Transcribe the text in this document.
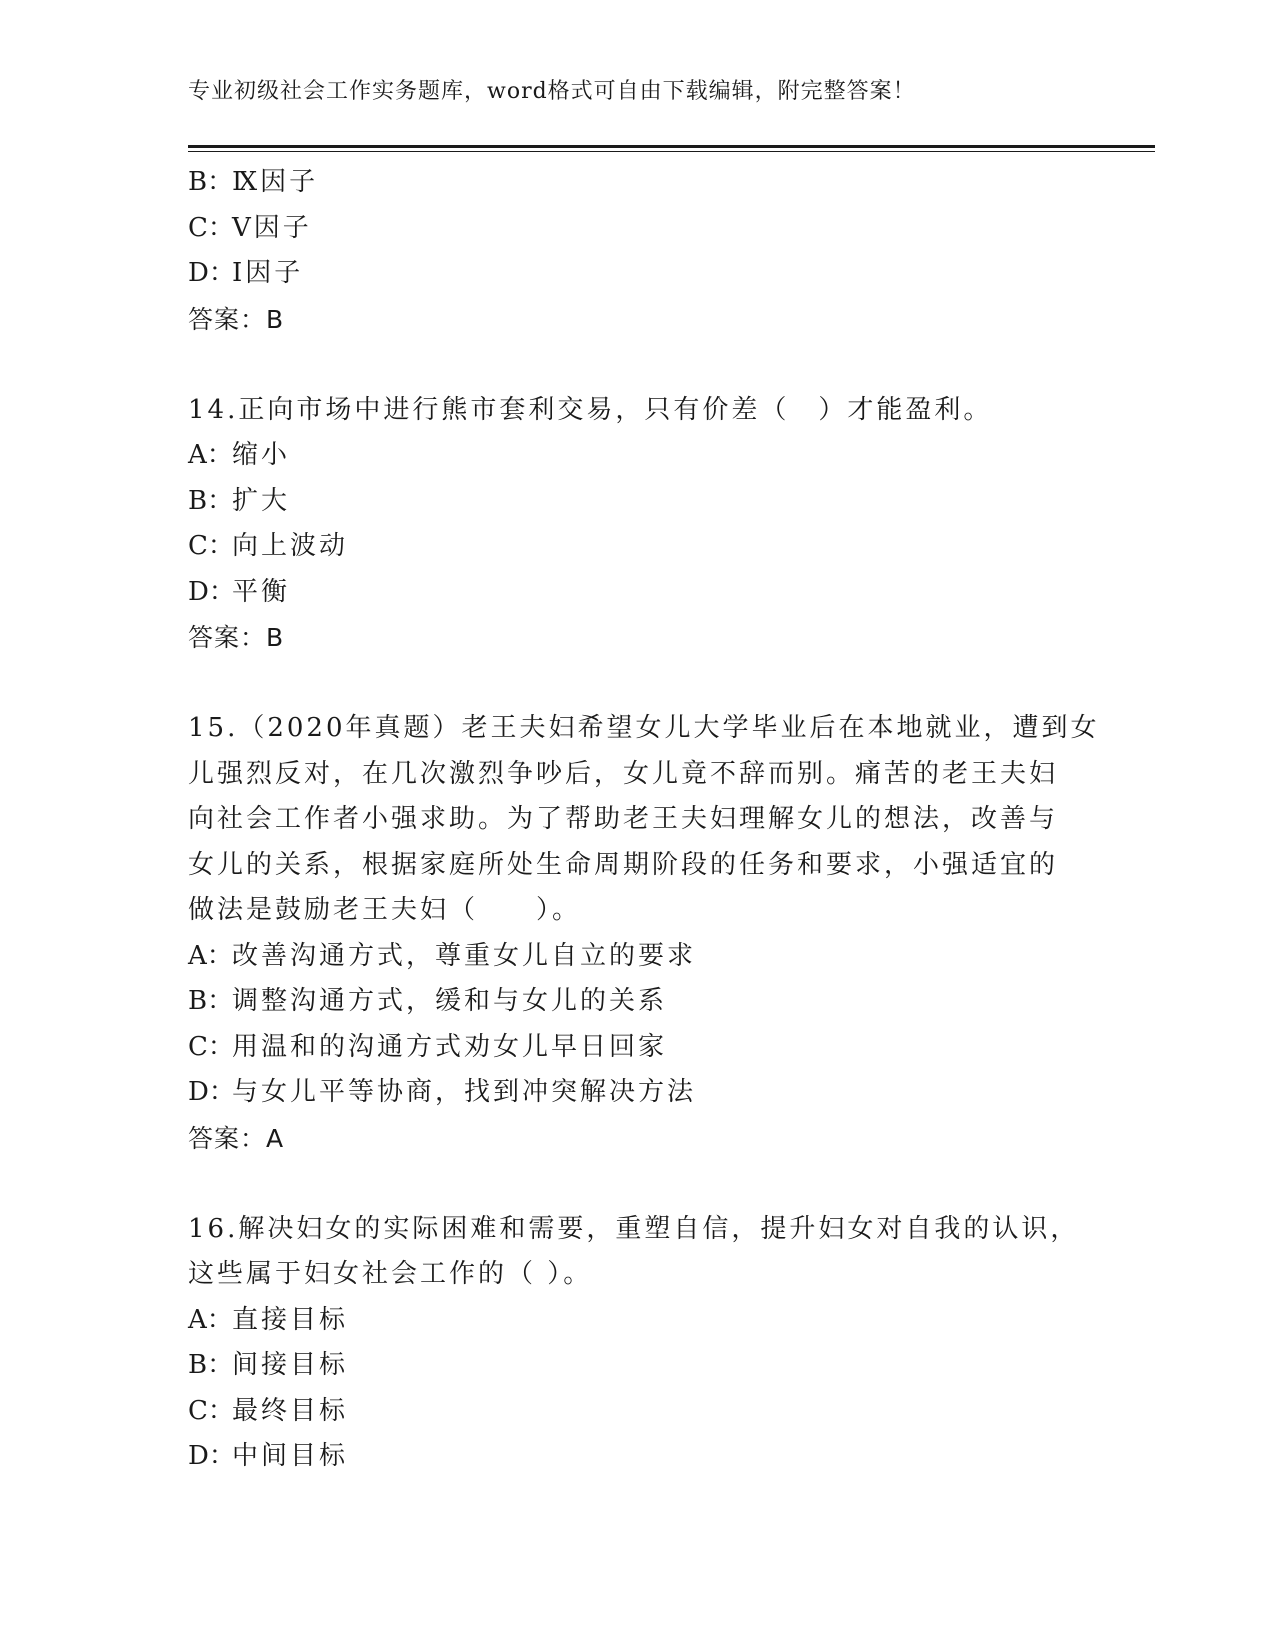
专业初级社会工作实务题库，word格式可自由下载编辑，附完整答案！
B：Ⅸ因子
C：Ⅴ因子
D：Ⅰ因子
答案：B
14.正向市场中进行熊市套利交易，只有价差（　）才能盈利。
A：缩小
B：扩大
C：向上波动
D：平衡
答案：B
15.（2020年真题）老王夫妇希望女儿大学毕业后在本地就业，遭到女
儿强烈反对，在几次激烈争吵后，女儿竟不辞而别。痛苦的老王夫妇
向社会工作者小强求助。为了帮助老王夫妇理解女儿的想法，改善与
女儿的关系，根据家庭所处生命周期阶段的任务和要求，小强适宜的
做法是鼓励老王夫妇（　　）。
A：改善沟通方式，尊重女儿自立的要求
B：调整沟通方式，缓和与女儿的关系
C：用温和的沟通方式劝女儿早日回家
D：与女儿平等协商，找到冲突解决方法
答案：A
16.解决妇女的实际困难和需要，重塑自信，提升妇女对自我的认识，
这些属于妇女社会工作的（ ）。
A：直接目标
B：间接目标
C：最终目标
D：中间目标
